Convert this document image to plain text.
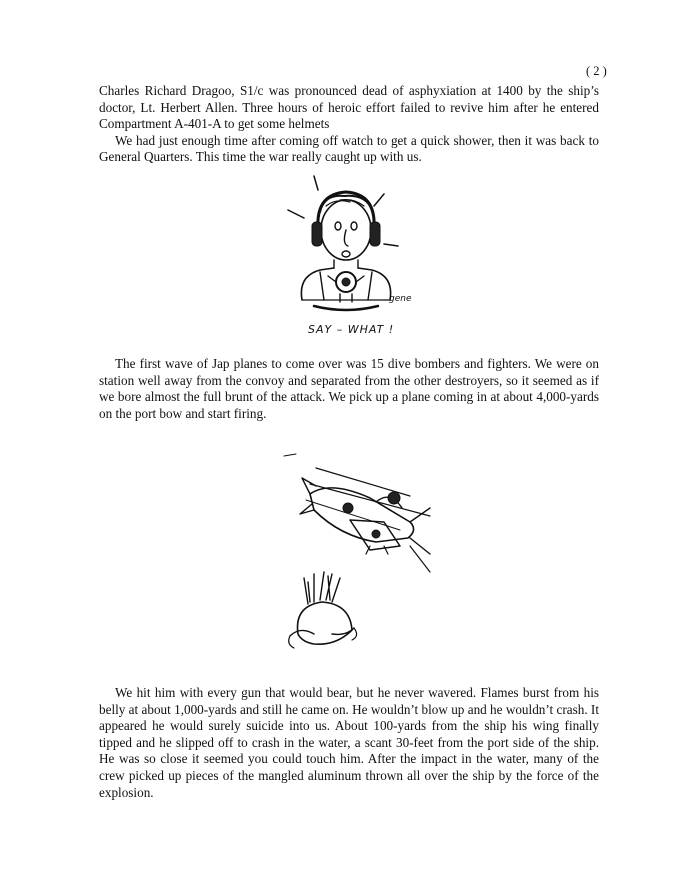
( 2 )

Charles Richard Dragoo, S1/c was pronounced dead of asphyxiation at 1400 by the ship’s doctor, Lt. Herbert Allen. Three hours of heroic effort failed to revive him after he entered Compartment A-401-A to get some helmets

We had just enough time after coming off watch to get a quick shower, then it was back to General Quarters. This time the war really caught up with us.

gene
SAY – WHAT !

The first wave of Jap planes to come over was 15 dive bombers and fighters. We were on station well away from the convoy and separated from the other destroyers, so it seemed as if we bore almost the full brunt of the attack. We pick up a plane coming in at about 4,000-yards on the port bow and start firing.

We hit him with every gun that would bear, but he never wavered. Flames burst from his belly at about 1,000-yards and still he came on. He wouldn’t blow up and he wouldn’t crash. It appeared he would surely suicide into us. About 100-yards from the ship his wing finally tipped and he slipped off to crash in the water, a scant 30-feet from the port side of the ship. He was so close it seemed you could touch him. After the impact in the water, many of the crew picked up pieces of the mangled aluminum thrown all over the ship by the force of the explosion.
